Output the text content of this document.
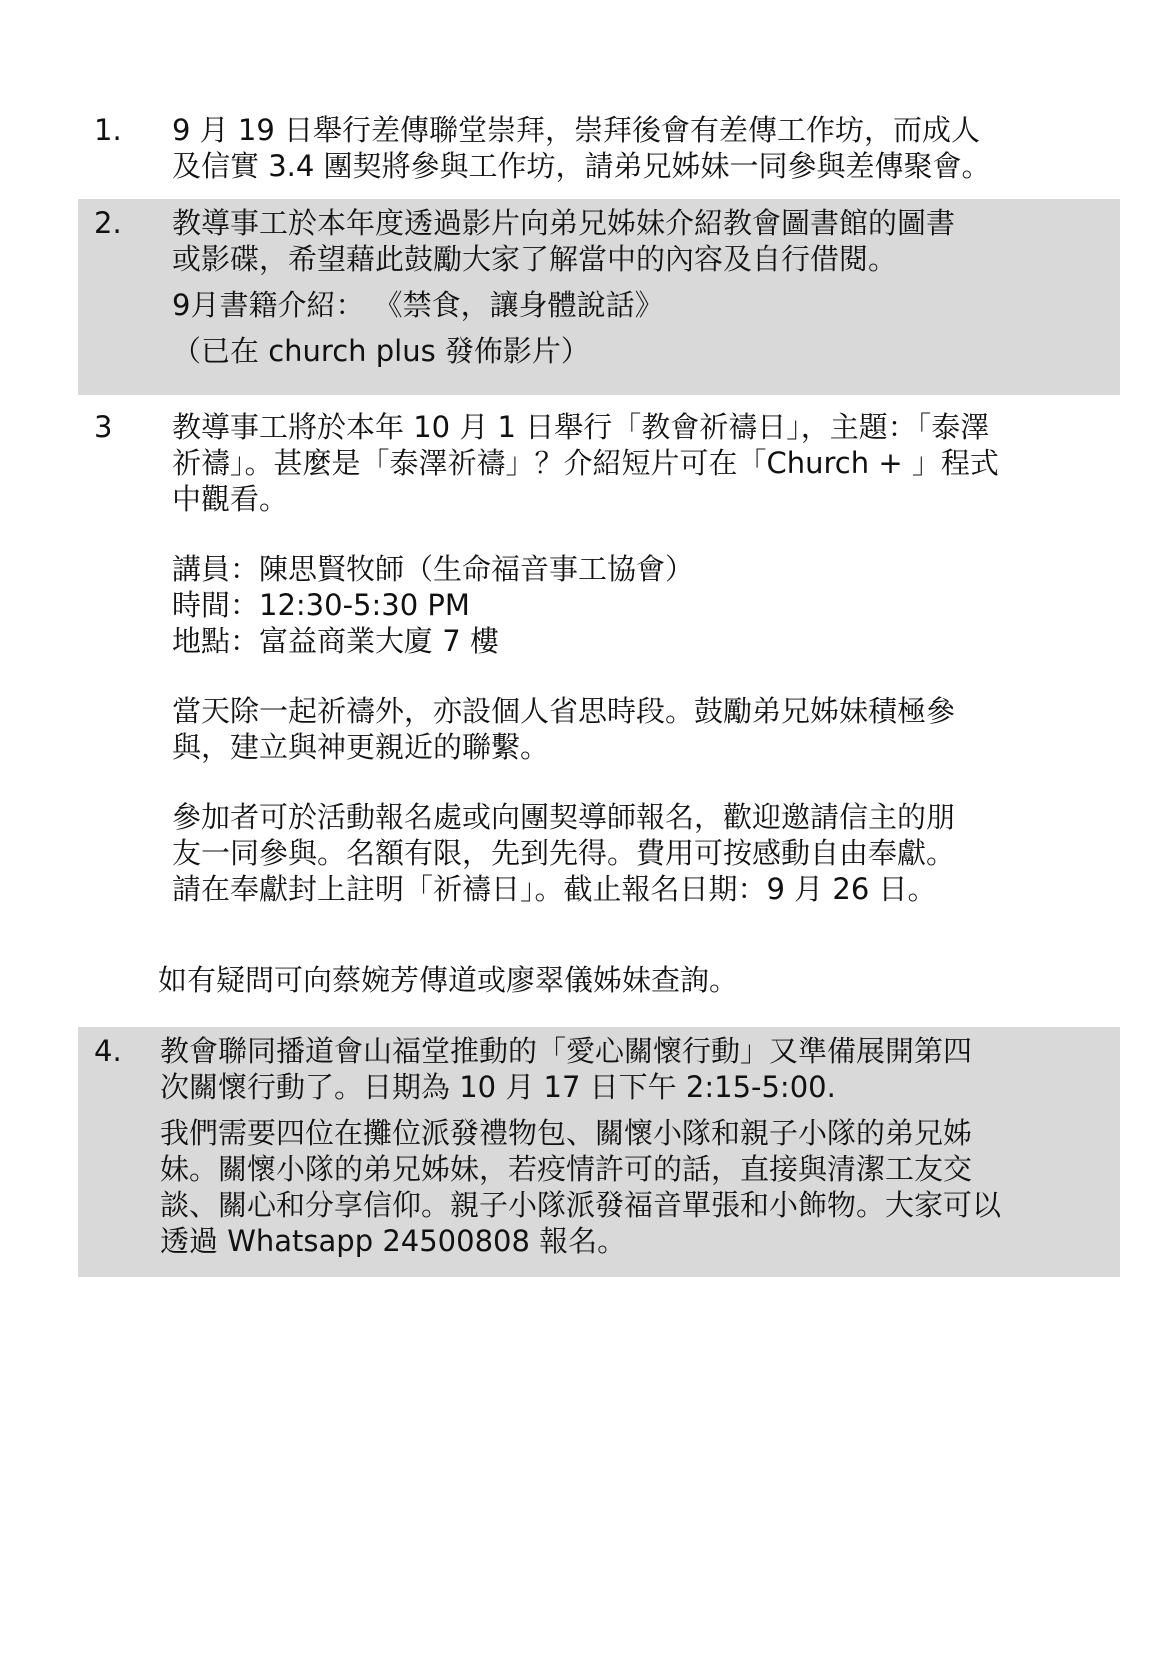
1. 9 月 19 日舉行差傳聯堂崇拜，崇拜後會有差傳工作坊，而成人
及信實 3.4 團契將參與工作坊，請弟兄姊妹一同參與差傳聚會。
2. 教導事工於本年度透過影片向弟兄姊妹介紹教會圖書館的圖書
或影碟，希望藉此鼓勵大家了解當中的內容及自行借閱。
9月書籍介紹： 《禁食，讓身體說話》
（已在 church plus 發佈影片）
3 教導事工將於本年 10 月 1 日舉行「教會祈禱日」，主題：「泰澤
祈禱」。甚麼是「泰澤祈禱」？介紹短片可在「Church + 」程式
中觀看。
講員：陳思賢牧師（生命福音事工協會）
時間：12:30-5:30 PM
地點：富益商業大廈 7 樓
當天除一起祈禱外，亦設個人省思時段。鼓勵弟兄姊妹積極參
與，建立與神更親近的聯繫。
參加者可於活動報名處或向團契導師報名，歡迎邀請信主的朋
友一同參與。名額有限，先到先得。費用可按感動自由奉獻。
請在奉獻封上註明「祈禱日」。截止報名日期：9 月 26 日。
如有疑問可向蔡婉芳傳道或廖翠儀姊妹查詢。
4. 教會聯同播道會山福堂推動的「愛心關懷行動」又準備展開第四
次關懷行動了。日期為 10 月 17 日下午 2:15-5:00.
我們需要四位在攤位派發禮物包、關懷小隊和親子小隊的弟兄姊
妹。關懷小隊的弟兄姊妹，若疫情許可的話，直接與清潔工友交
談、關心和分享信仰。親子小隊派發福音單張和小飾物。大家可以
透過 Whatsapp 24500808 報名。
